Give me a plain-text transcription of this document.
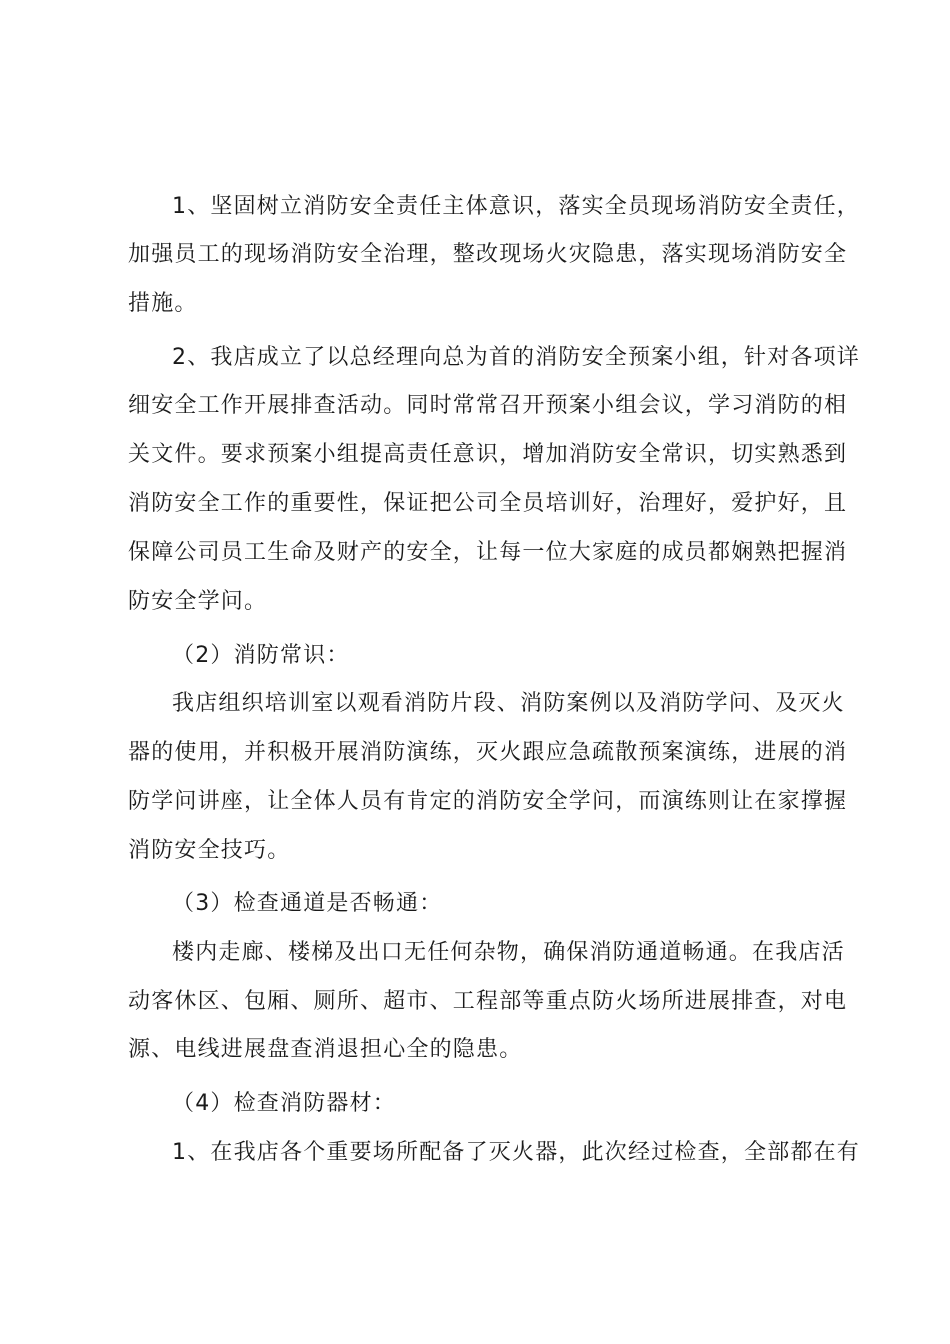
1、坚固树立消防安全责任主体意识，落实全员现场消防安全责任，
加强员工的现场消防安全治理，整改现场火灾隐患，落实现场消防安全
措施。
2、我店成立了以总经理向总为首的消防安全预案小组，针对各项详
细安全工作开展排查活动。同时常常召开预案小组会议，学习消防的相
关文件。要求预案小组提高责任意识，增加消防安全常识，切实熟悉到
消防安全工作的重要性，保证把公司全员培训好，治理好，爱护好，且
保障公司员工生命及财产的安全，让每一位大家庭的成员都娴熟把握消
防安全学问。
（2）消防常识：
我店组织培训室以观看消防片段、消防案例以及消防学问、及灭火
器的使用，并积极开展消防演练，灭火跟应急疏散预案演练，进展的消
防学问讲座，让全体人员有肯定的消防安全学问，而演练则让在家撑握
消防安全技巧。
（3）检查通道是否畅通：
楼内走廊、楼梯及出口无任何杂物，确保消防通道畅通。在我店活
动客休区、包厢、厕所、超市、工程部等重点防火场所进展排查，对电
源、电线进展盘查消退担心全的隐患。
（4）检查消防器材：
1、在我店各个重要场所配备了灭火器，此次经过检查，全部都在有
